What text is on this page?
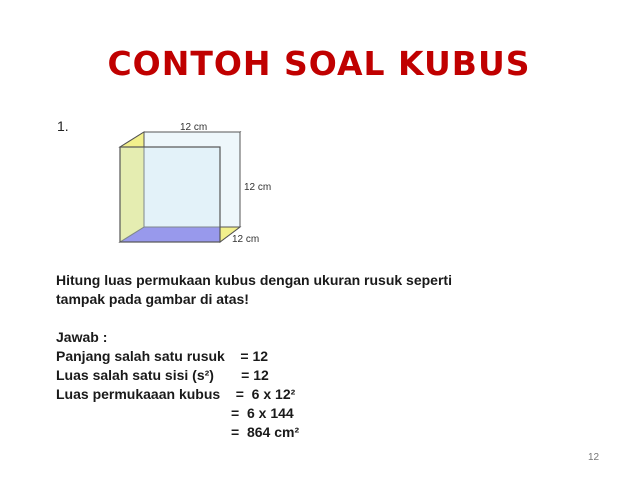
CONTOH SOAL KUBUS
1.	12 cm
12 cm
12 cm
Hitung luas permukaan kubus dengan ukuran rusuk seperti
tampak pada gambar di atas!
Jawab :
Panjang salah satu rusuk    = 12
Luas salah satu sisi (s²)       = 12
Luas permukaaan kubus    =  6 x 12²
=  6 x 144
=  864 cm²
12
